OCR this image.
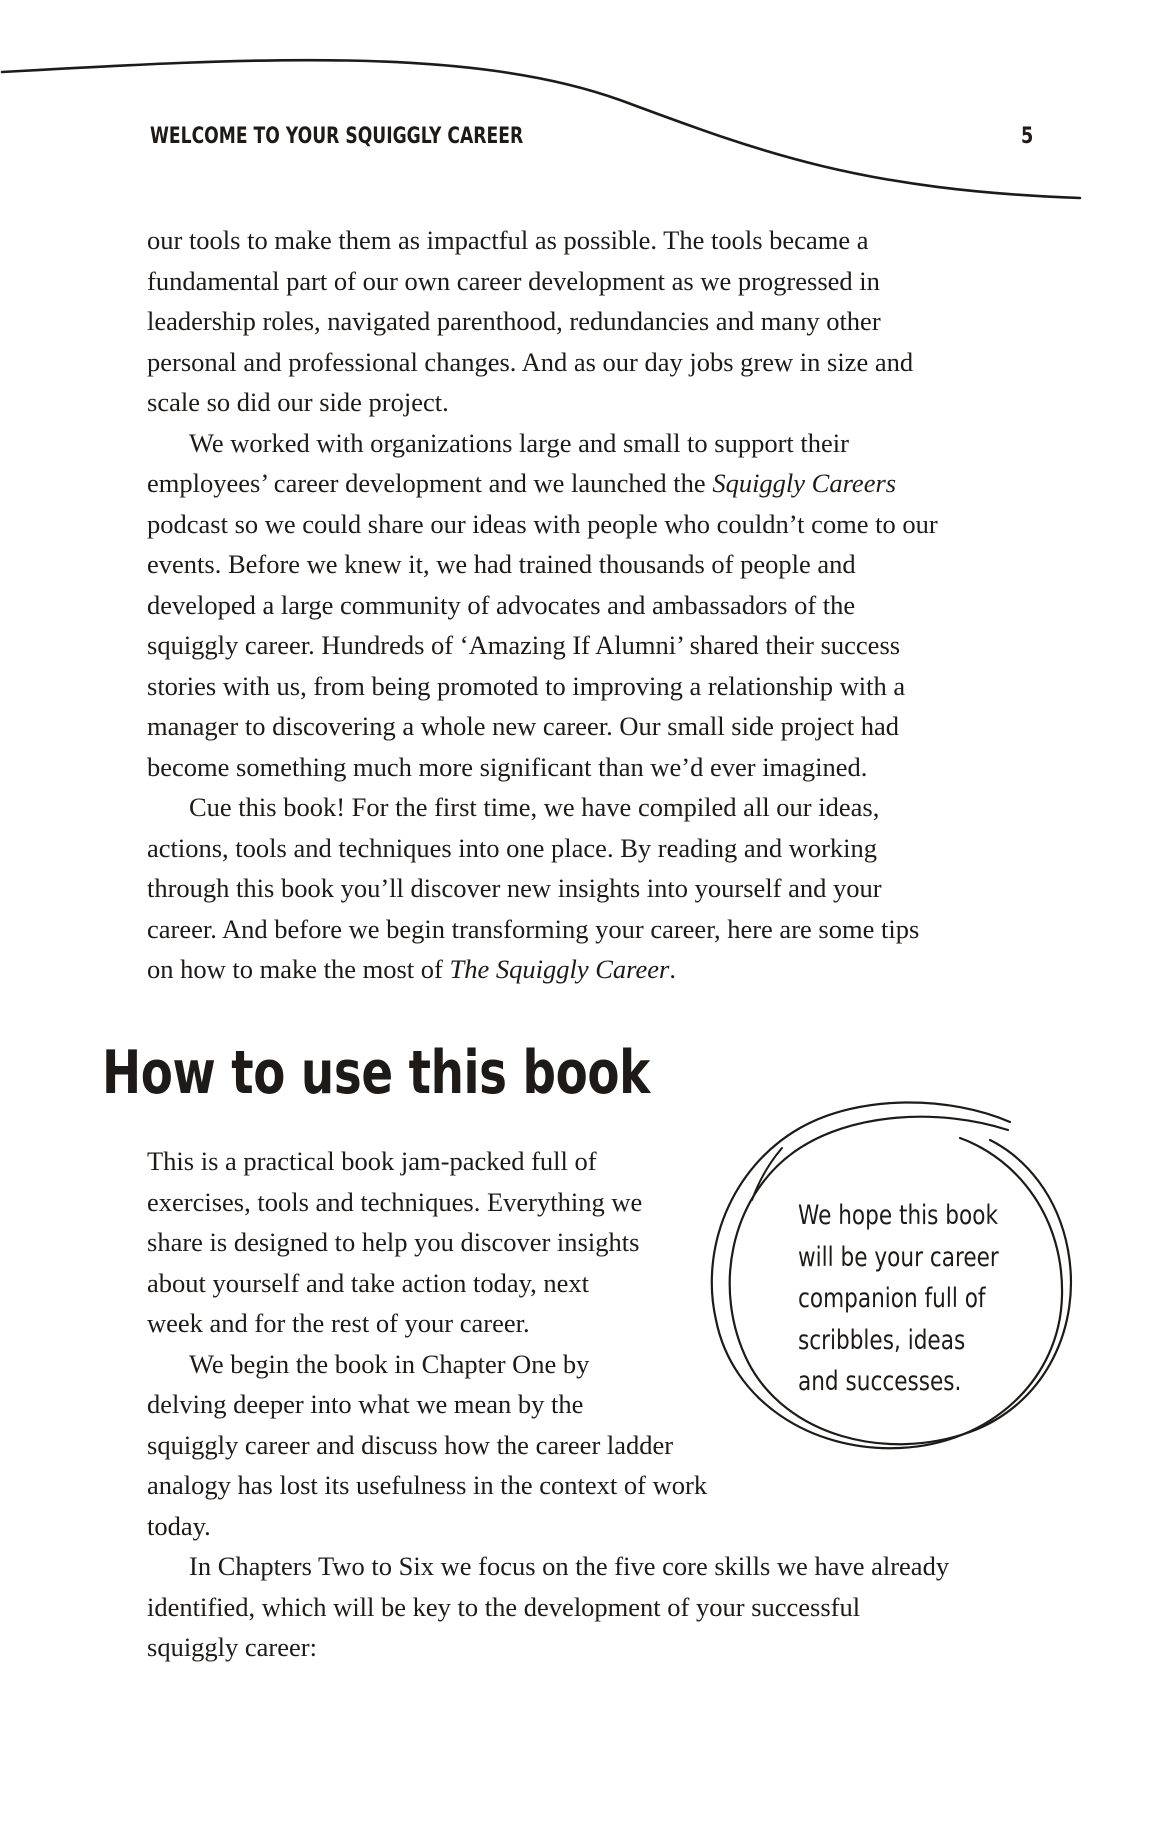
WELCOME TO YOUR SQUIGGLY CAREER	5

our tools to make them as impactful as possible. The tools became a

fundamental part of our own career development as we progressed in

leadership roles, navigated parenthood, redundancies and many other

personal and professional changes. And as our day jobs grew in size and

scale so did our side project.

We worked with organizations large and small to support their

employees’ career development and we launched the Squiggly Careers

podcast so we could share our ideas with people who couldn’t come to our

events. Before we knew it, we had trained thousands of people and

developed a large community of advocates and ambassadors of the

squiggly career. Hundreds of ‘Amazing If Alumni’ shared their success

stories with us, from being promoted to improving a relationship with a

manager to discovering a whole new career. Our small side project had

become something much more significant than we’d ever imagined.

Cue this book! For the first time, we have compiled all our ideas,

actions, tools and techniques into one place. By reading and working

through this book you’ll discover new insights into yourself and your

career. And before we begin transforming your career, here are some tips

on how to make the most of The Squiggly Career.

How to use this book

This is a practical book jam-packed full of

exercises, tools and techniques. Everything we

share is designed to help you discover insights

about yourself and take action today, next

week and for the rest of your career.

We begin the book in Chapter One by

delving deeper into what we mean by the

squiggly career and discuss how the career ladder

analogy has lost its usefulness in the context of work

today.

In Chapters Two to Six we focus on the five core skills we have already

identified, which will be key to the development of your successful

squiggly career:

We hope this book
will be your career
companion full of
scribbles, ideas
and successes.
